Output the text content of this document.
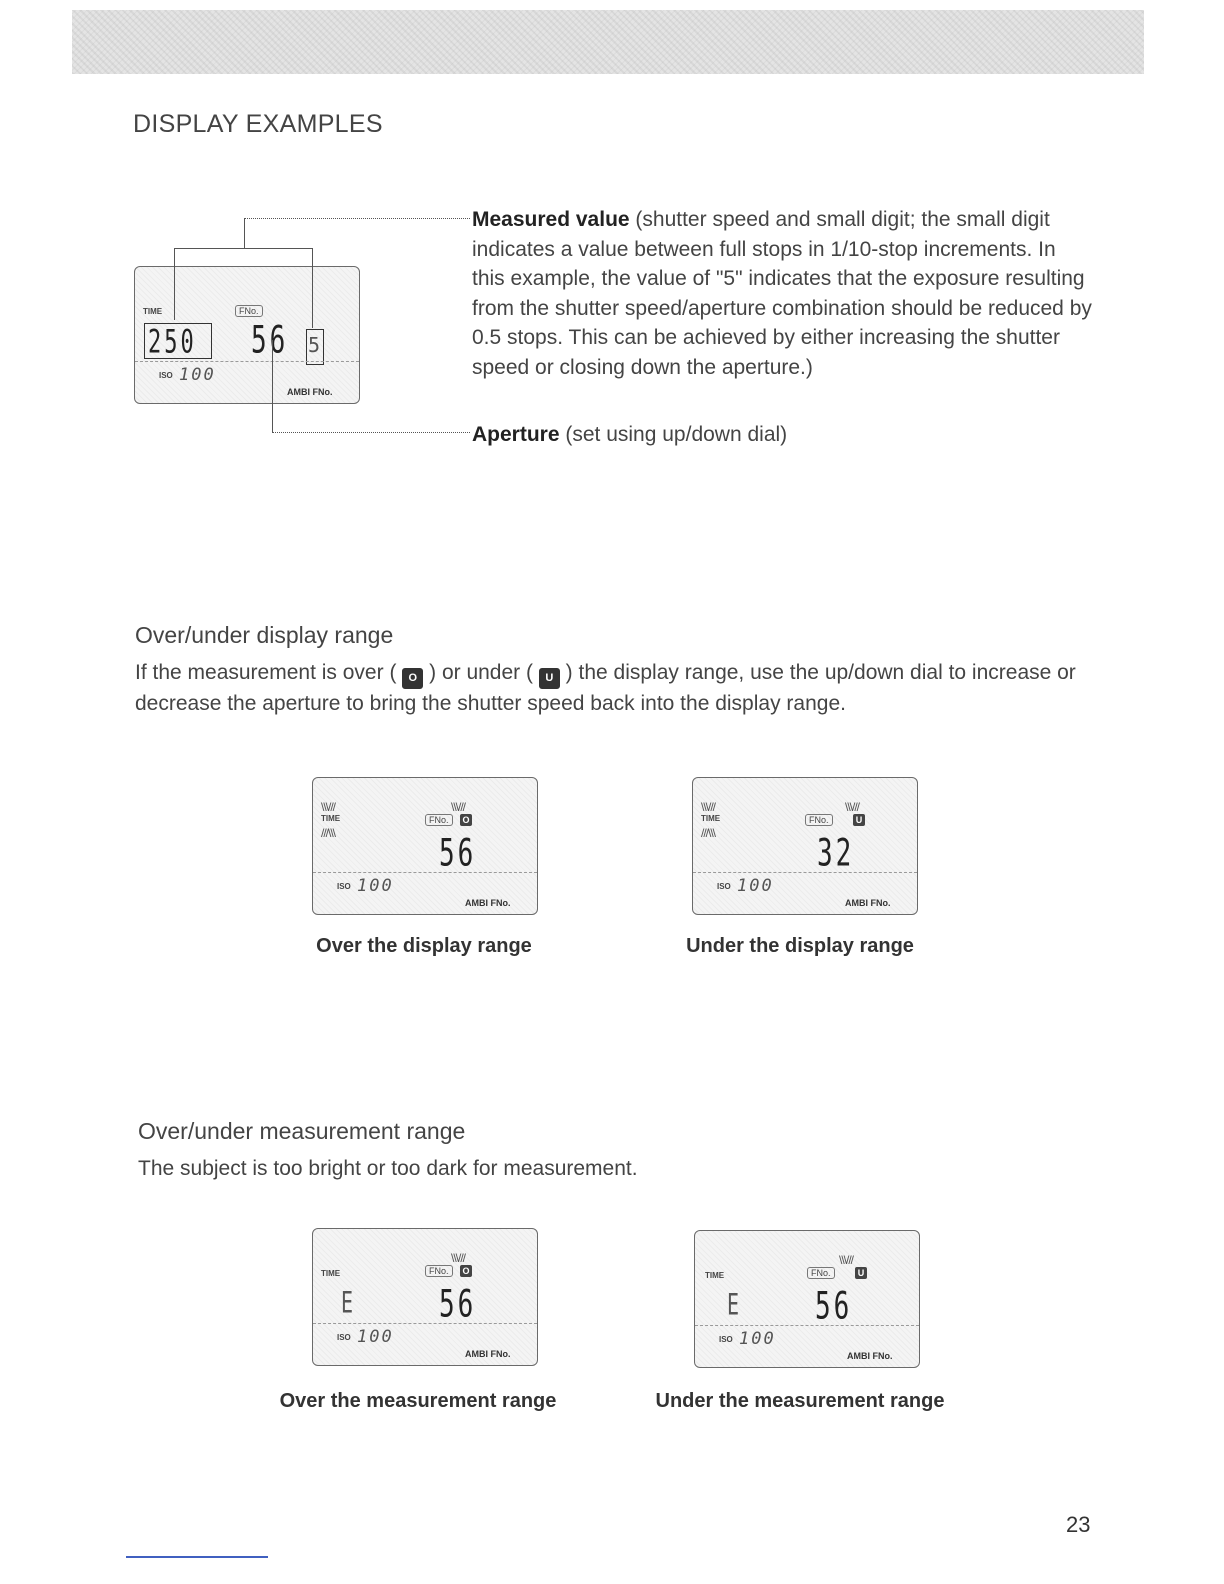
DISPLAY EXAMPLES
TIME	FNo.
250 56 5
ISO 100
AMBI FNo.
Measured value (shutter speed and small digit; the small digit indicates a value between full stops in 1/10-stop increments. In this example, the value of "5" indicates that the exposure resulting from the shutter speed/aperture combination should be reduced by 0.5 stops. This can be achieved by either increasing the shutter speed or closing down the aperture.)
Aperture (set using up/down dial)
Over/under display range
If the measurement is over ( O ) or under ( U ) the display range, use the up/down dial to increase or decrease the aperture to bring the shutter speed back into the display range.
\\\///
TIME
///\\\
\\\///
FNo.	O
56
ISO 100
AMBI FNo.
Over the display range
\\\///
TIME
///\\\
\\\///
FNo.	U
32
ISO 100
AMBI FNo.
Under the display range
Over/under measurement range
The subject is too bright or too dark for measurement.
\\\///
TIME	FNo.	O
E	56
ISO 100
AMBI FNo.
Over the measurement range
\\\///
TIME	FNo.	U
E	56
ISO 100
AMBI FNo.
Under the measurement range
23
